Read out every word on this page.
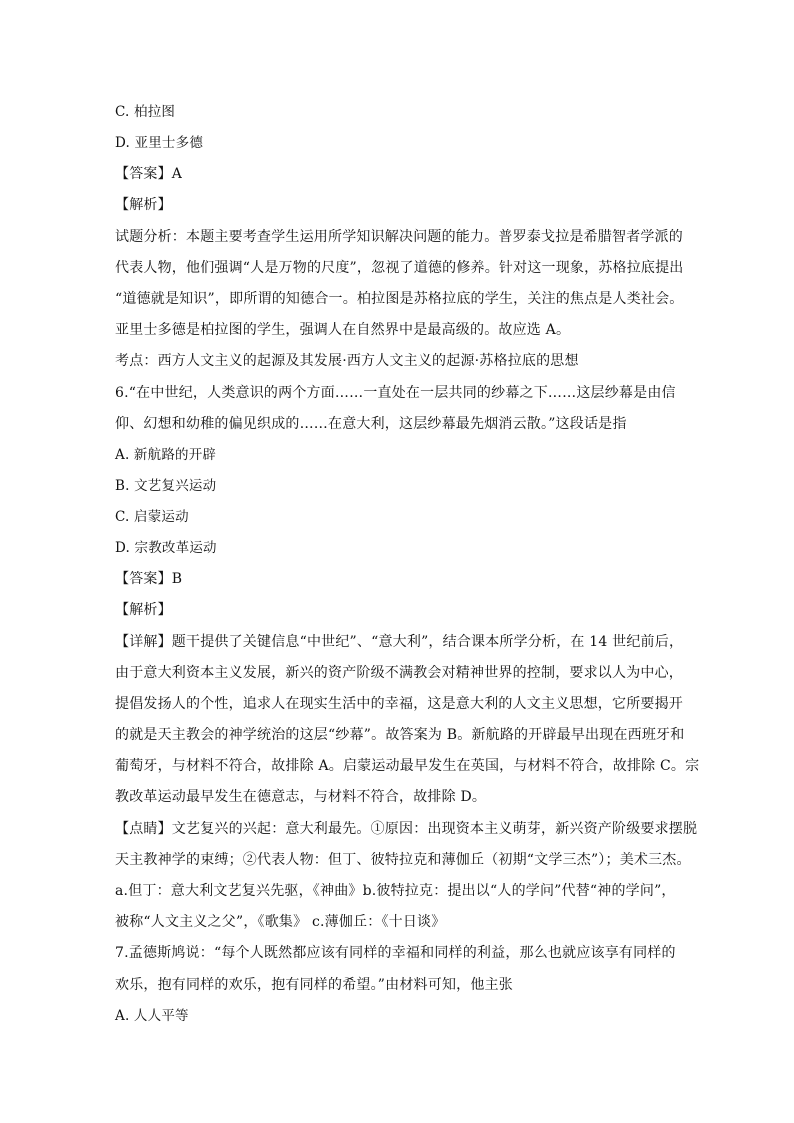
C. 柏拉图
D. 亚里士多德
【答案】A
【解析】
试题分析：本题主要考查学生运用所学知识解决问题的能力。普罗泰戈拉是希腊智者学派的
代表人物，他们强调“人是万物的尺度”，忽视了道德的修养。针对这一现象，苏格拉底提出
“道德就是知识”，即所谓的知德合一。柏拉图是苏格拉底的学生，关注的焦点是人类社会。
亚里士多德是柏拉图的学生，强调人在自然界中是最高级的。故应选 A。
考点：西方人文主义的起源及其发展·西方人文主义的起源·苏格拉底的思想
6.“在中世纪，人类意识的两个方面……一直处在一层共同的纱幕之下……这层纱幕是由信
仰、幻想和幼稚的偏见织成的……在意大利，这层纱幕最先烟消云散。”这段话是指
A. 新航路的开辟
B. 文艺复兴运动
C. 启蒙运动
D. 宗教改革运动
【答案】B
【解析】
【详解】题干提供了关键信息“中世纪”、“意大利”，结合课本所学分析，在 14 世纪前后，
由于意大利资本主义发展，新兴的资产阶级不满教会对精神世界的控制，要求以人为中心，
提倡发扬人的个性，追求人在现实生活中的幸福，这是意大利的人文主义思想，它所要揭开
的就是天主教会的神学统治的这层“纱幕”。故答案为 B。新航路的开辟最早出现在西班牙和
葡萄牙，与材料不符合，故排除 A。启蒙运动最早发生在英国，与材料不符合，故排除 C。宗
教改革运动最早发生在德意志，与材料不符合，故排除 D。
【点睛】文艺复兴的兴起：意大利最先。①原因：出现资本主义萌芽，新兴资产阶级要求摆脱
天主教神学的束缚；②代表人物：但丁、彼特拉克和薄伽丘（初期“文学三杰”）；美术三杰。
a.但丁：意大利文艺复兴先驱，《神曲》b.彼特拉克：提出以“人的学问”代替“神的学问”，
被称“人文主义之父”，《歌集》 c.薄伽丘：《十日谈》
7.孟德斯鸠说：“每个人既然都应该有同样的幸福和同样的利益，那么也就应该享有同样的
欢乐，抱有同样的欢乐，抱有同样的希望。”由材料可知，他主张
A. 人人平等
